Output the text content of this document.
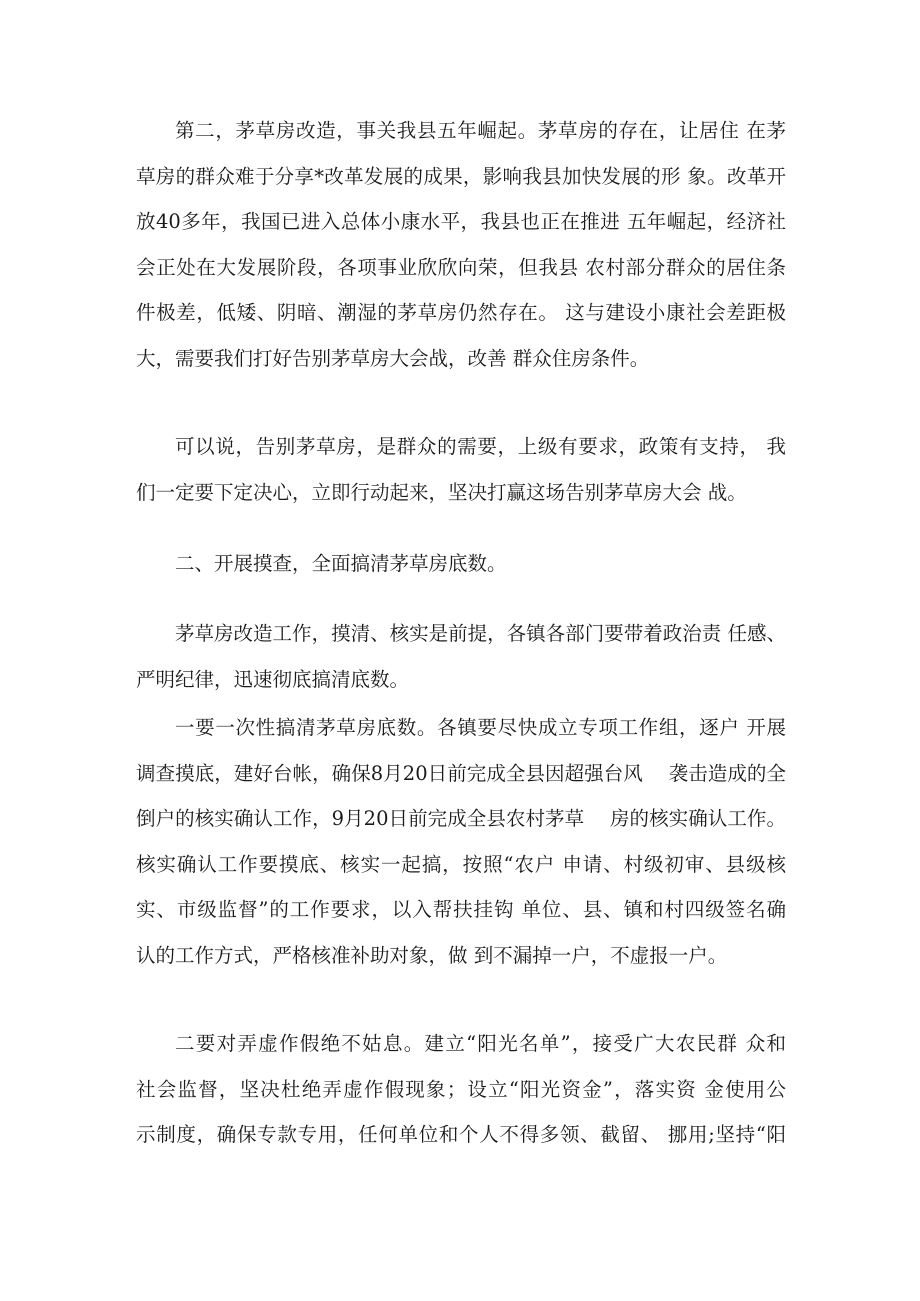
第二，茅草房改造，事关我县五年崛起。茅草房的存在，让居住 在茅
草房的群众难于分享*改革发展的成果，影响我县加快发展的形 象。改革开
放40多年，我国已进入总体小康水平，我县也正在推进 五年崛起，经济社
会正处在大发展阶段，各项事业欣欣向荣，但我县 农村部分群众的居住条
件极差，低矮、阴暗、潮湿的茅草房仍然存在。 这与建设小康社会差距极
大，需要我们打好告别茅草房大会战，改善 群众住房条件。
可以说，告别茅草房，是群众的需要，上级有要求，政策有支持， 我
们一定要下定决心，立即行动起来，坚决打赢这场告别茅草房大会 战。
二、开展摸查，全面搞清茅草房底数。
茅草房改造工作，摸清、核实是前提，各镇各部门要带着政治责 任感、
严明纪律，迅速彻底搞清底数。
一要一次性搞清茅草房底数。各镇要尽快成立专项工作组，逐户 开展
调查摸底，建好台帐，确保8月20日前完成全县因超强台风　 袭击造成的全
倒户的核实确认工作，9月20日前完成全县农村茅草　 房的核实确认工作。
核实确认工作要摸底、核实一起搞，按照“农户 申请、村级初审、县级核
实、市级监督”的工作要求，以入帮扶挂钩 单位、县、镇和村四级签名确
认的工作方式，严格核准补助对象，做 到不漏掉一户，不虚报一户。
二要对弄虚作假绝不姑息。建立“阳光名单”，接受广大农民群 众和
社会监督，坚决杜绝弄虚作假现象；设立“阳光资金”，落实资 金使用公
示制度，确保专款专用，任何单位和个人不得多领、截留、 挪用;坚持“阳
